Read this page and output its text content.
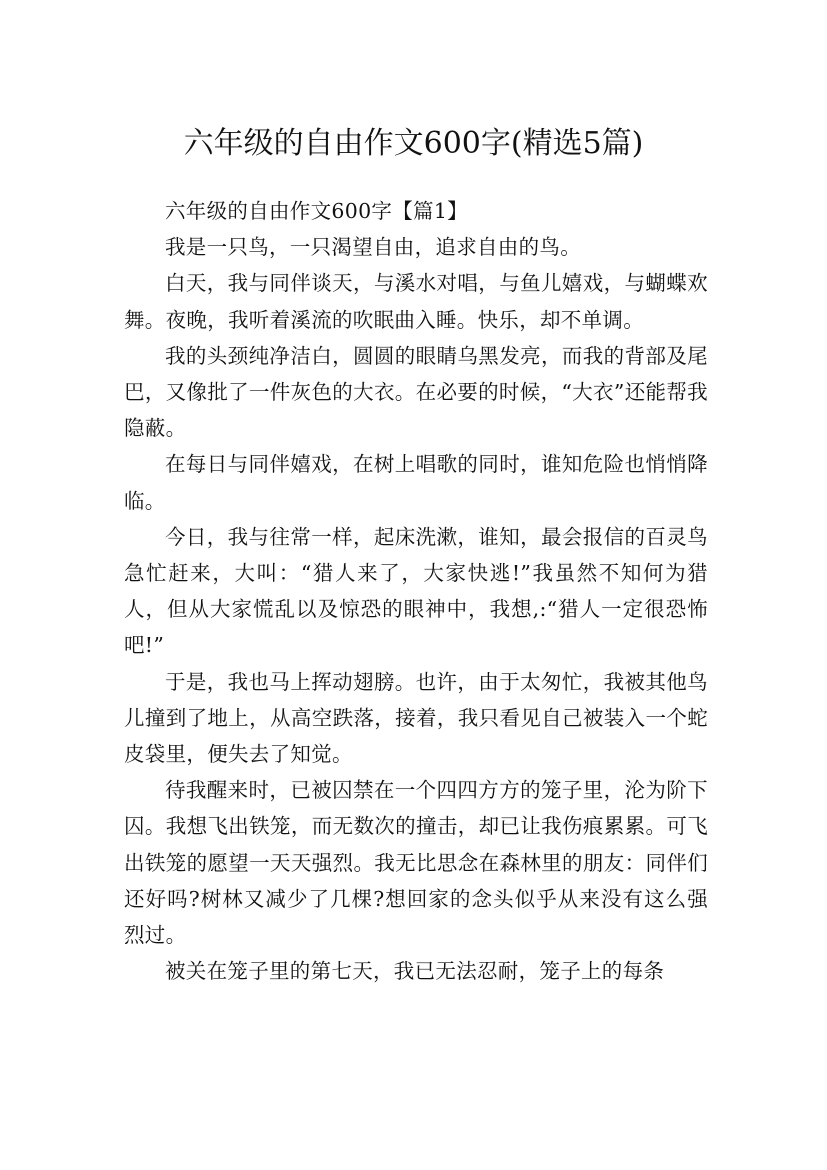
六年级的自由作文600字(精选5篇)

六年级的自由作文600字【篇1】

我是一只鸟，一只渴望自由，追求自由的鸟。

白天，我与同伴谈天，与溪水对唱，与鱼儿嬉戏，与蝴蝶欢舞。夜晚，我听着溪流的吹眠曲入睡。快乐，却不单调。

我的头颈纯净洁白，圆圆的眼睛乌黑发亮，而我的背部及尾巴，又像批了一件灰色的大衣。在必要的时候，“大衣”还能帮我隐蔽。

在每日与同伴嬉戏，在树上唱歌的同时，谁知危险也悄悄降临。

今日，我与往常一样，起床洗漱，谁知，最会报信的百灵鸟急忙赶来，大叫：“猎人来了，大家快逃!”我虽然不知何为猎人，但从大家慌乱以及惊恐的眼神中，我想,:“猎人一定很恐怖吧!”

于是，我也马上挥动翅膀。也许，由于太匆忙，我被其他鸟儿撞到了地上，从高空跌落，接着，我只看见自己被装入一个蛇皮袋里，便失去了知觉。

待我醒来时，已被囚禁在一个四四方方的笼子里，沦为阶下囚。我想飞出铁笼，而无数次的撞击，却已让我伤痕累累。可飞出铁笼的愿望一天天强烈。我无比思念在森林里的朋友：同伴们还好吗?树林又减少了几棵?想回家的念头似乎从来没有这么强烈过。

被关在笼子里的第七天，我已无法忍耐，笼子上的每条
